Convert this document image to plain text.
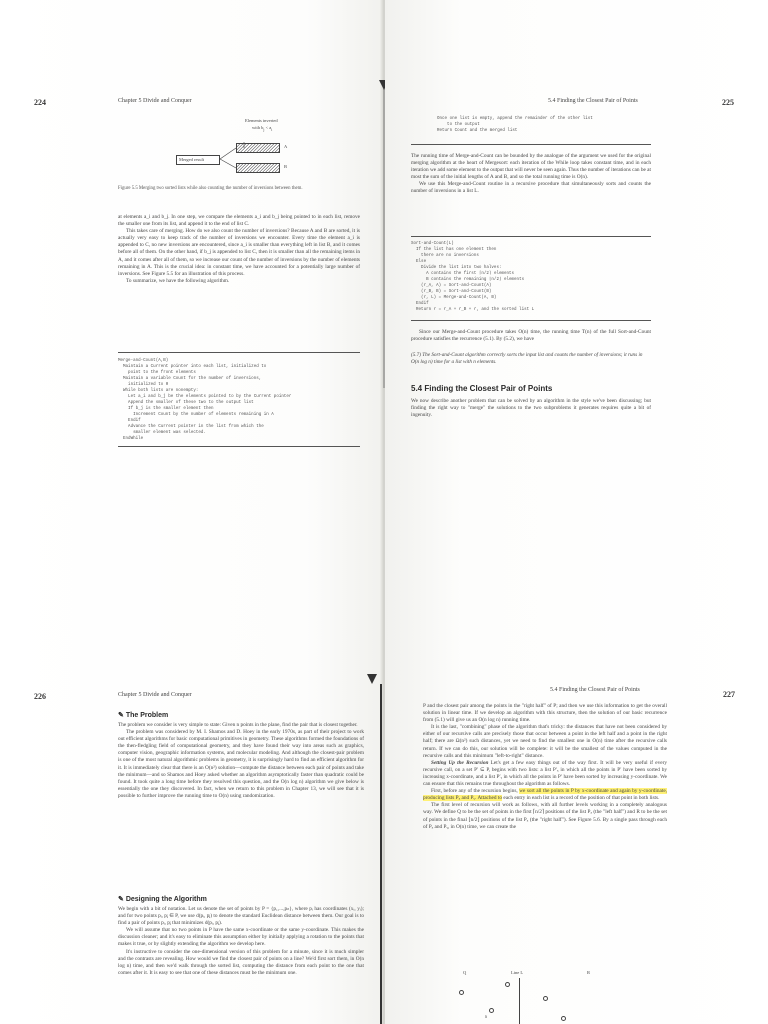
224	Chapter 5 Divide and Conquer
Elements inverted
with $b_j < a_i$
A
B
Merged result
Figure 5.5 Merging two sorted lists while also counting the number of inversions between them.

at elements a_i and b_j. In one step, we compare the elements a_i and b_j being pointed to in each list, remove the smaller one from its list, and append it to the end of list C.

This takes care of merging. How do we also count the number of inversions? Because A and B are sorted, it is actually very easy to keep track of the number of inversions we encounter. Every time the element a_i is appended to C, no new inversions are encountered, since a_i is smaller than everything left in list B, and it comes before all of them. On the other hand, if b_j is appended to list C, then it is smaller than all the remaining items in A, and it comes after all of them, so we increase our count of the number of inversions by the number of elements remaining in A. This is the crucial idea: in constant time, we have accounted for a potentially large number of inversions. See Figure 5.5 for an illustration of this process.

To summarize, we have the following algorithm.

Merge-and-Count(A,B)
Maintain a Current pointer into each list, initialized to
point to the front elements
Maintain a variable Count for the number of inversions,
initialized to 0
While both lists are nonempty:
Let a_i and b_j be the elements pointed to by the Current pointer
Append the smaller of these two to the output list
If b_j is the smaller element then
Increment Count by the number of elements remaining in A
Endif
Advance the Current pointer in the list from which the
smaller element was selected.
EndWhile
5.4 Finding the Closest Pair of Points	225
Once one list is empty, append the remainder of the other list
to the output
Return Count and the merged list

The running time of Merge-and-Count can be bounded by the analogue of the argument we used for the original merging algorithm at the heart of Mergesort: each iteration of the While loop takes constant time, and in each iteration we add some element to the output that will never be seen again. Thus the number of iterations can be at most the sum of the initial lengths of A and B, and so the total running time is O(n).

We use this Merge-and-Count routine in a recursive procedure that simultaneously sorts and counts the number of inversions in a list L.

Sort-and-Count(L)
If the list has one element then
there are no inversions
Else
Divide the list into two halves:
A contains the first ⌈n/2⌉ elements
B contains the remaining ⌊n/2⌋ elements
(r_A, A) = Sort-and-Count(A)
(r_B, B) = Sort-and-Count(B)
(r, L) = Merge-and-Count(A, B)
Endif
Return r = r_A + r_B + r, and the sorted list L

Since our Merge-and-Count procedure takes O(n) time, the running time T(n) of the full Sort-and-Count procedure satisfies the recurrence (5.1). By (5.2), we have

(5.7) The Sort-and-Count algorithm correctly sorts the input list and counts the number of inversions; it runs in O(n log n) time for a list with n elements.
5.4 Finding the Closest Pair of Points

We now describe another problem that can be solved by an algorithm in the style we've been discussing; but finding the right way to "merge" the solutions to the two subproblems it generates requires quite a bit of ingenuity.

226	Chapter 5 Divide and Conquer
✎ The Problem

The problem we consider is very simple to state: Given n points in the plane, find the pair that is closest together.

The problem was considered by M. I. Shamos and D. Hoey in the early 1970s, as part of their project to work out efficient algorithms for basic computational primitives in geometry. These algorithms formed the foundations of the then-fledgling field of computational geometry, and they have found their way into areas such as graphics, computer vision, geographic information systems, and molecular modeling. And although the closest-pair problem is one of the most natural algorithmic problems in geometry, it is surprisingly hard to find an efficient algorithm for it. It is immediately clear that there is an O(n²) solution—compute the distance between each pair of points and take the minimum—and so Shamos and Hoey asked whether an algorithm asymptotically faster than quadratic could be found. It took quite a long time before they resolved this question, and the O(n log n) algorithm we give below is essentially the one they discovered. In fact, when we return to this problem in Chapter 13, we will see that it is possible to further improve the running time to O(n) using randomization.

✎ Designing the Algorithm

We begin with a bit of notation. Let us denote the set of points by P = {p₁,...,pₙ}, where pᵢ has coordinates (xᵢ, yᵢ); and for two points pᵢ, pⱼ ∈ P, we use d(pᵢ, pⱼ) to denote the standard Euclidean distance between them. Our goal is to find a pair of points pᵢ, pⱼ that minimizes d(pᵢ, pⱼ).

We will assume that no two points in P have the same x-coordinate or the same y-coordinate. This makes the discussion cleaner; and it's easy to eliminate this assumption either by initially applying a rotation to the points that makes it true, or by slightly extending the algorithm we develop here.

It's instructive to consider the one-dimensional version of this problem for a minute, since it is much simpler and the contrasts are revealing. How would we find the closest pair of points on a line? We'd first sort them, in O(n log n) time, and then we'd walk through the sorted list, computing the distance from each point to the one that comes after it. It is easy to see that one of these distances must be the minimum one.

5.4 Finding the Closest Pair of Points	227

P and the closest pair among the points in the "right half" of P; and then we use this information to get the overall solution in linear time. If we develop an algorithm with this structure, then the solution of our basic recurrence from (5.1) will give us an O(n log n) running time.

It is the last, "combining" phase of the algorithm that's tricky: the distances that have not been considered by either of our recursive calls are precisely those that occur between a point in the left half and a point in the right half; there are Ω(n²) such distances, yet we need to find the smallest one in O(n) time after the recursive calls return. If we can do this, our solution will be complete: it will be the smallest of the values computed in the recursive calls and this minimum "left-to-right" distance.

Setting Up the Recursion Let's get a few easy things out of the way first. It will be very useful if every recursive call, on a set P′ ⊆ P, begins with two lists: a list P′ₓ in which all the points in P′ have been sorted by increasing x-coordinate, and a list P′ᵧ in which all the points in P′ have been sorted by increasing y-coordinate. We can ensure that this remains true throughout the algorithm as follows.

First, before any of the recursion begins, we sort all the points in P by x-coordinate and again by y-coordinate, producing lists Pₓ and Pᵧ. Attached to each entry in each list is a record of the position of that point in both lists.

The first level of recursion will work as follows, with all further levels working in a completely analogous way. We define Q to be the set of points in the first ⌈n/2⌉ positions of the list Pₓ (the "left half") and R to be the set of points in the final ⌊n/2⌋ positions of the list Pₓ (the "right half"). See Figure 5.6. By a single pass through each of Pₓ and Pᵧ, in O(n) time, we can create the

Q	Line L	R
δ
